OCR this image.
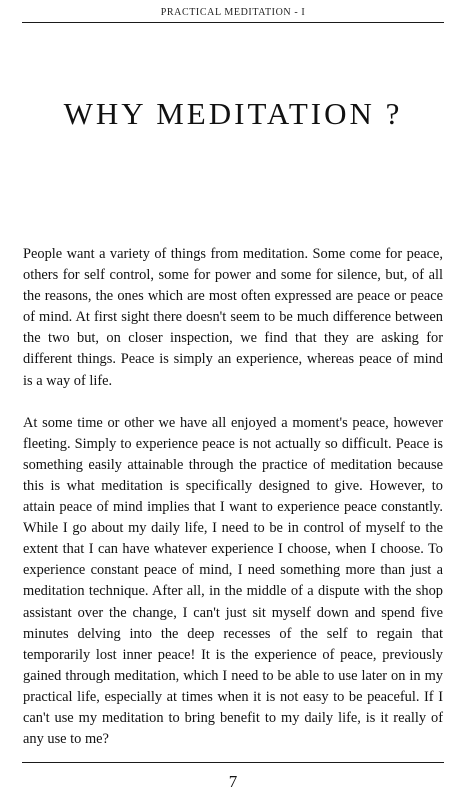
PRACTICAL MEDITATION - I
WHY MEDITATION ?

People want a variety of things from meditation. Some come for peace, others for self control, some for power and some for silence, but, of all the reasons, the ones which are most often expressed are peace or peace of mind. At first sight there doesn't seem to be much difference between the two but, on closer inspection, we find that they are asking for different things. Peace is simply an experience, whereas peace of mind is a way of life.

At some time or other we have all enjoyed a moment's peace, however fleeting. Simply to experience peace is not actually so difficult. Peace is something easily attainable through the practice of meditation because this is what meditation is specifically designed to give. However, to attain peace of mind implies that I want to experience peace constantly. While I go about my daily life, I need to be in control of myself to the extent that I can have whatever experience I choose, when I choose. To experience constant peace of mind, I need something more than just a meditation technique. After all, in the middle of a dispute with the shop assistant over the change, I can't just sit myself down and spend five minutes delving into the deep recesses of the self to regain that temporarily lost inner peace! It is the experience of peace, previously gained through meditation, which I need to be able to use later on in my practical life, especially at times when it is not easy to be peaceful. If I can't use my meditation to bring benefit to my daily life, is it really of any use to me?

7
